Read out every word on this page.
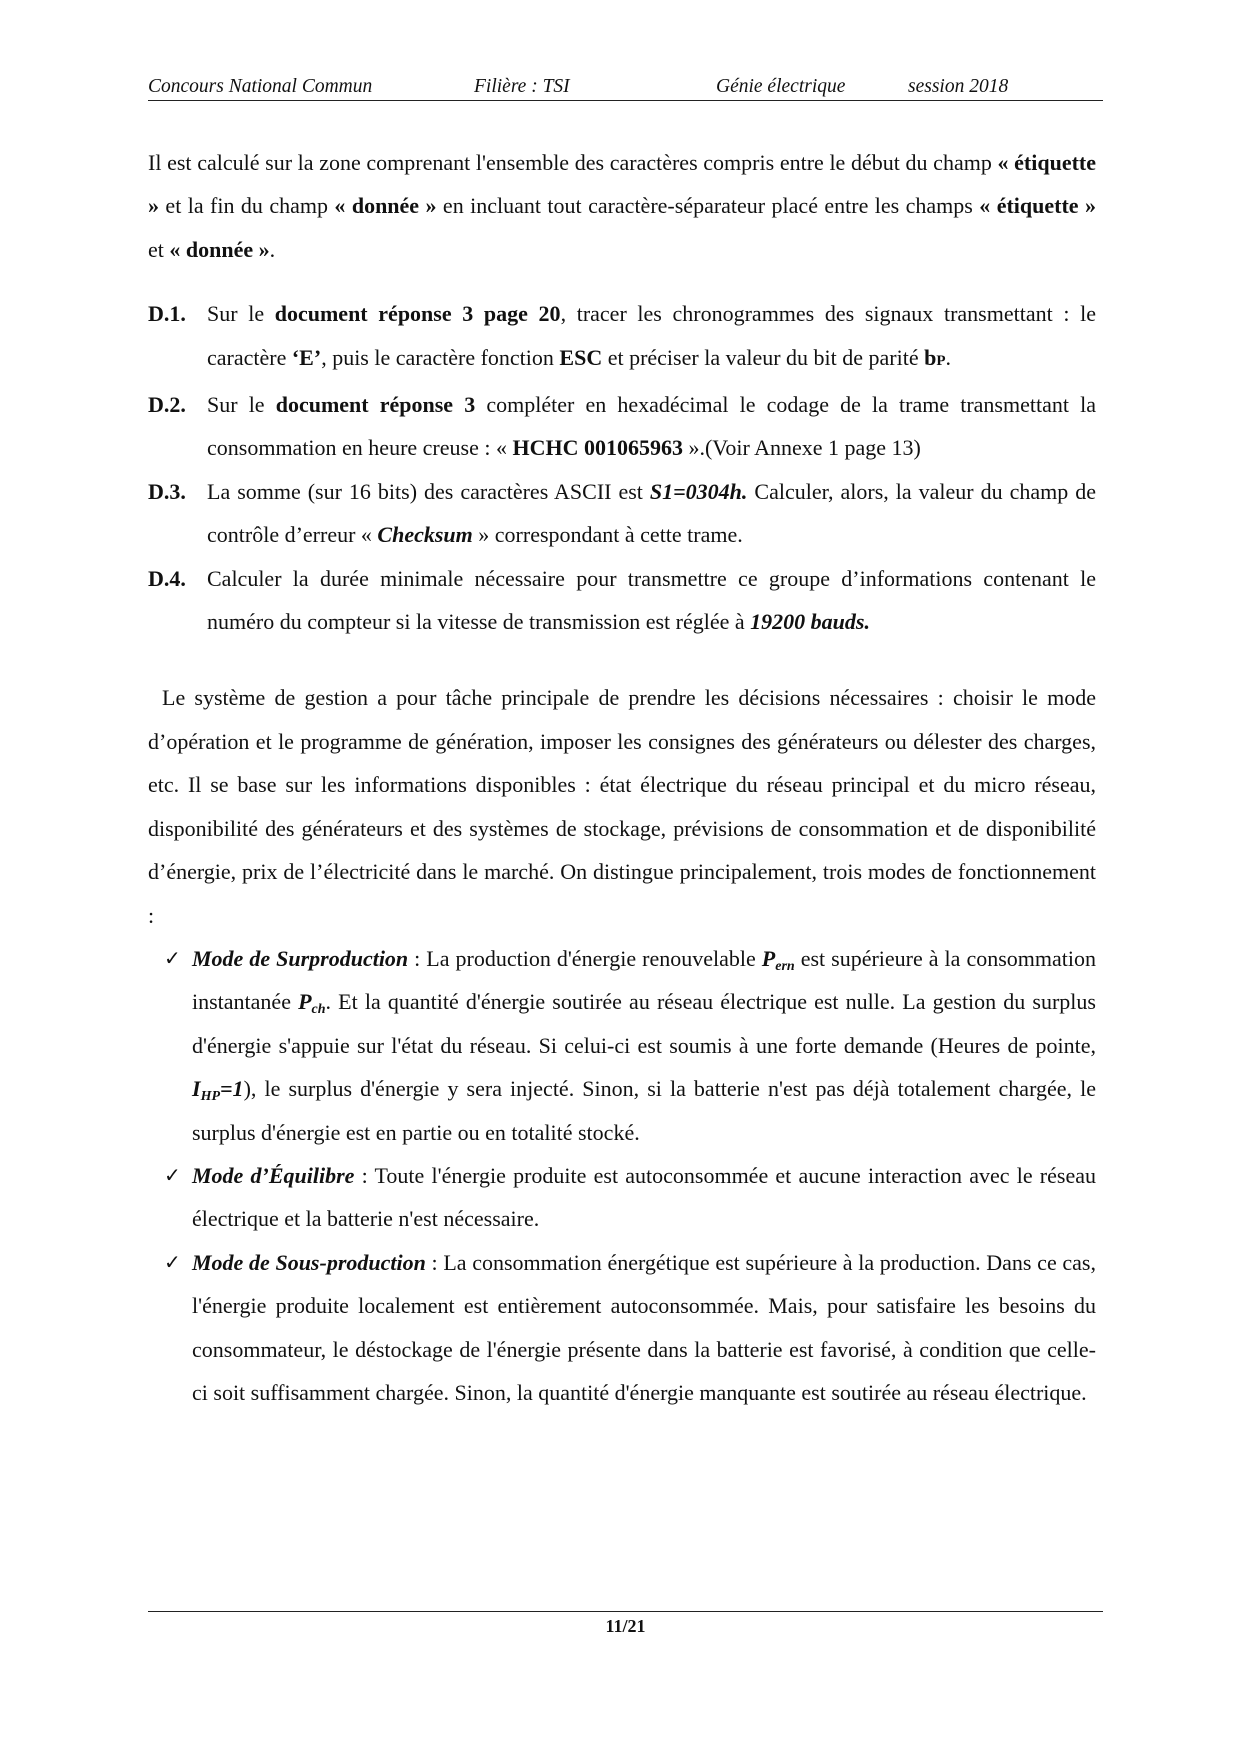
Concours National Commun	Filière : TSI	Génie électrique	session 2018

Il est calculé sur la zone comprenant l'ensemble des caractères compris entre le début du champ « étiquette » et la fin du champ « donnée » en incluant tout caractère-séparateur placé entre les champs « étiquette » et « donnée ».

D.1. Sur le document réponse 3 page 20, tracer les chronogrammes des signaux transmettant : le caractère ‘E’, puis le caractère fonction ESC et préciser la valeur du bit de parité bP.
D.2. Sur le document réponse 3 compléter en hexadécimal le codage de la trame transmettant la consommation en heure creuse : « HCHC 001065963 ».(Voir Annexe 1 page 13)
D.3. La somme (sur 16 bits) des caractères ASCII est S1=0304h. Calculer, alors, la valeur du champ de contrôle d’erreur « Checksum » correspondant à cette trame.
D.4. Calculer la durée minimale nécessaire pour transmettre ce groupe d’informations contenant le numéro du compteur si la vitesse de transmission est réglée à 19200 bauds.

Le système de gestion a pour tâche principale de prendre les décisions nécessaires : choisir le mode d’opération et le programme de génération, imposer les consignes des générateurs ou délester des charges, etc. Il se base sur les informations disponibles : état électrique du réseau principal et du micro réseau, disponibilité des générateurs et des systèmes de stockage, prévisions de consommation et de disponibilité d’énergie, prix de l’électricité dans le marché. On distingue principalement, trois modes de fonctionnement :

✓ Mode de Surproduction : La production d'énergie renouvelable $P_{ern}$ est supérieure à la consommation instantanée $P_{ch}$. Et la quantité d'énergie soutirée au réseau électrique est nulle. La gestion du surplus d'énergie s'appuie sur l'état du réseau. Si celui-ci est soumis à une forte demande (Heures de pointe, $I_{HP}=1$), le surplus d'énergie y sera injecté. Sinon, si la batterie n'est pas déjà totalement chargée, le surplus d'énergie est en partie ou en totalité stocké.
✓ Mode d’Équilibre : Toute l'énergie produite est autoconsommée et aucune interaction avec le réseau électrique et la batterie n'est nécessaire.
✓ Mode de Sous-production : La consommation énergétique est supérieure à la production. Dans ce cas, l'énergie produite localement est entièrement autoconsommée. Mais, pour satisfaire les besoins du consommateur, le déstockage de l'énergie présente dans la batterie est favorisé, à condition que celle-ci soit suffisamment chargée. Sinon, la quantité d'énergie manquante est soutirée au réseau électrique.
11/21
